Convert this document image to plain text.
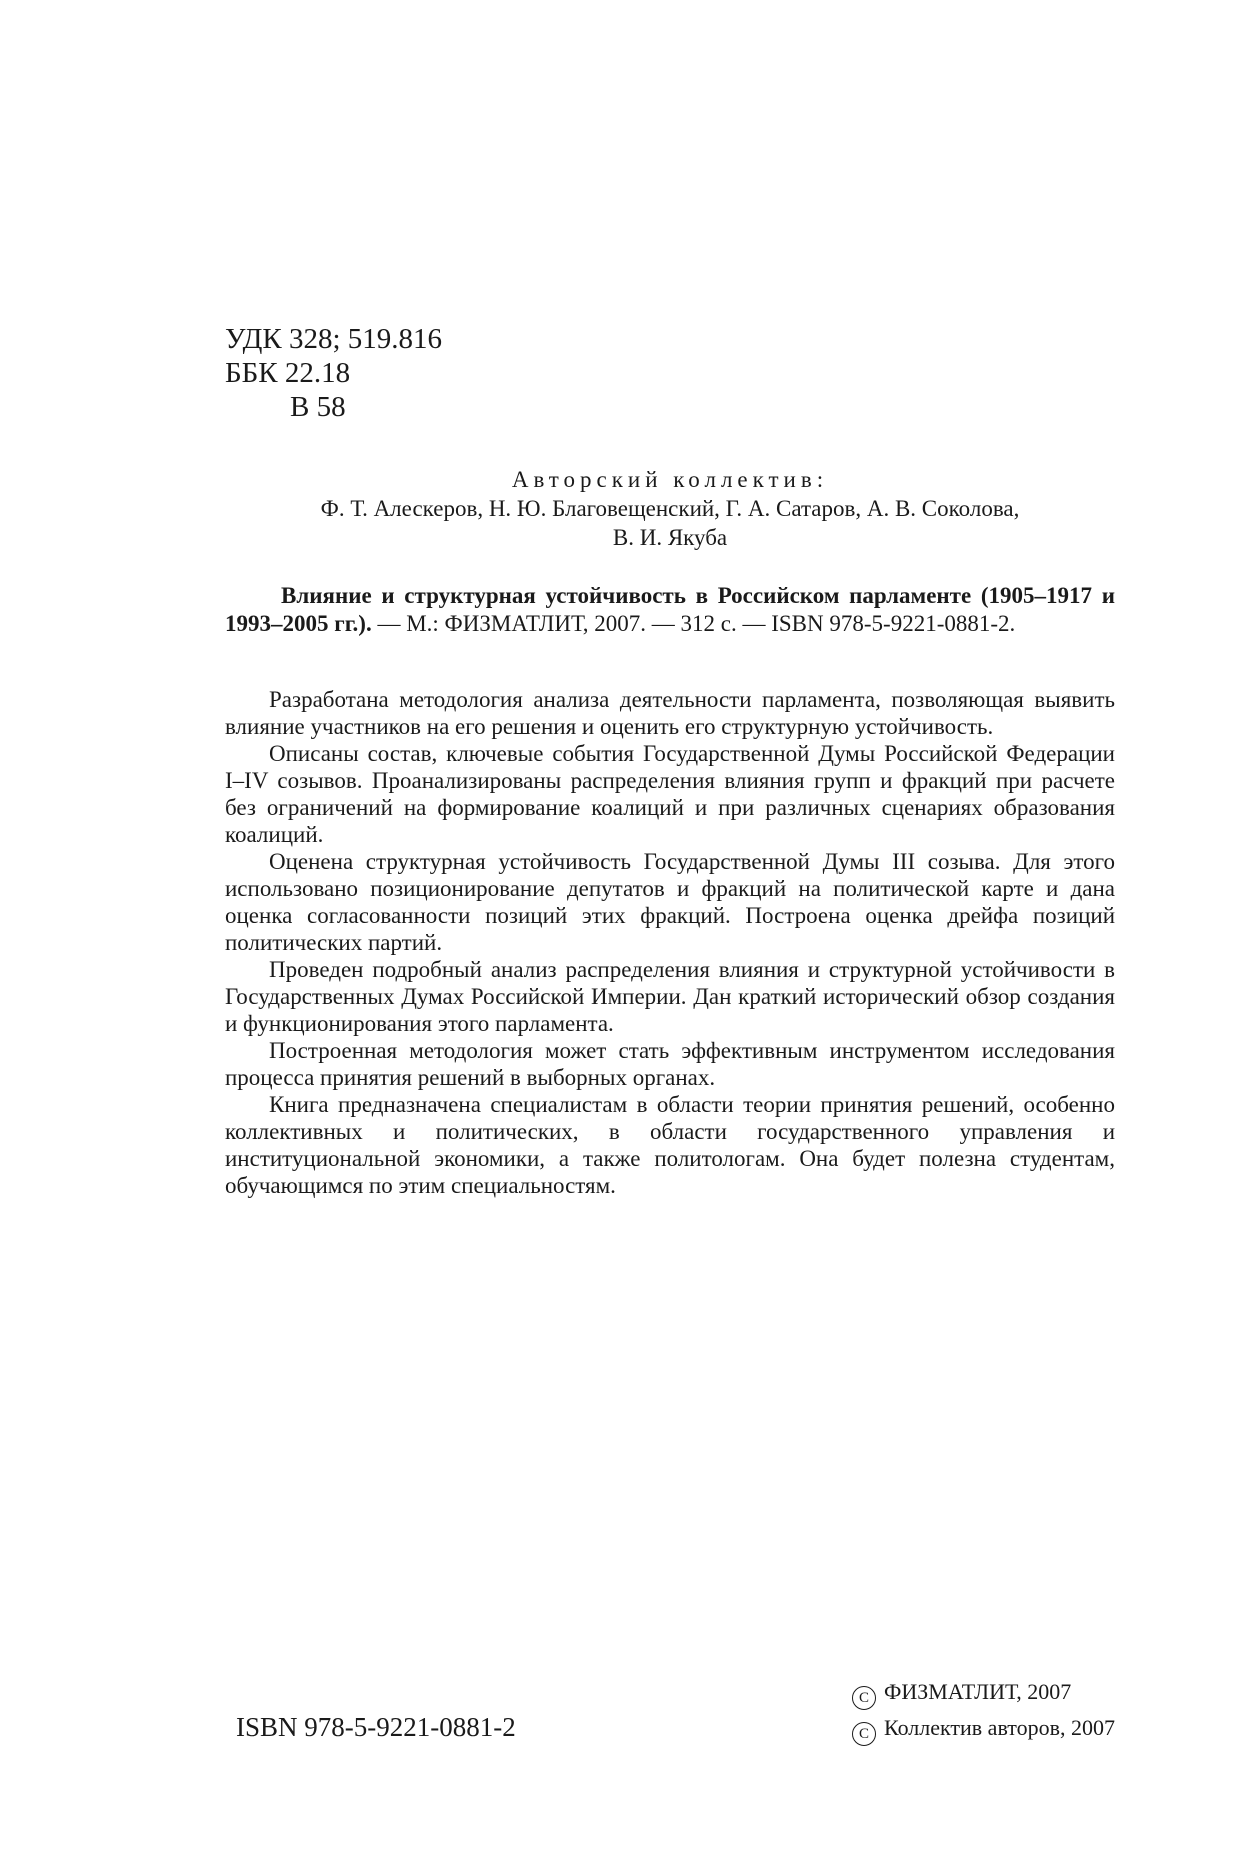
УДК 328; 519.816
ББК 22.18
В 58
Авторский коллектив:
Ф. Т. Алескеров, Н. Ю. Благовещенский, Г. А. Сатаров, А. В. Соколова,
В. И. Якуба
Влияние и структурная устойчивость в Российском парламенте (1905–1917 и 1993–2005 гг.). — М.: ФИЗМАТЛИТ, 2007. — 312 с. — ISBN 978-5-9221-0881-2.

Разработана методология анализа деятельности парламента, позволяющая выявить влияние участников на его решения и оценить его структурную устойчивость.

Описаны состав, ключевые события Государственной Думы Российской Федерации I–IV созывов. Проанализированы распределения влияния групп и фракций при расчете без ограничений на формирование коалиций и при различных сценариях образования коалиций.

Оценена структурная устойчивость Государственной Думы III созыва. Для этого использовано позиционирование депутатов и фракций на политической карте и дана оценка согласованности позиций этих фракций. Построена оценка дрейфа позиций политических партий.

Проведен подробный анализ распределения влияния и структурной устойчивости в Государственных Думах Российской Империи. Дан краткий исторический обзор создания и функционирования этого парламента.

Построенная методология может стать эффективным инструментом исследования процесса принятия решений в выборных органах.

Книга предназначена специалистам в области теории принятия решений, особенно коллективных и политических, в области государственного управления и институциональной экономики, а также политологам. Она будет полезна студентам, обучающимся по этим специальностям.

ISBN 978-5-9221-0881-2
C ФИЗМАТЛИТ, 2007
C Коллектив авторов, 2007
